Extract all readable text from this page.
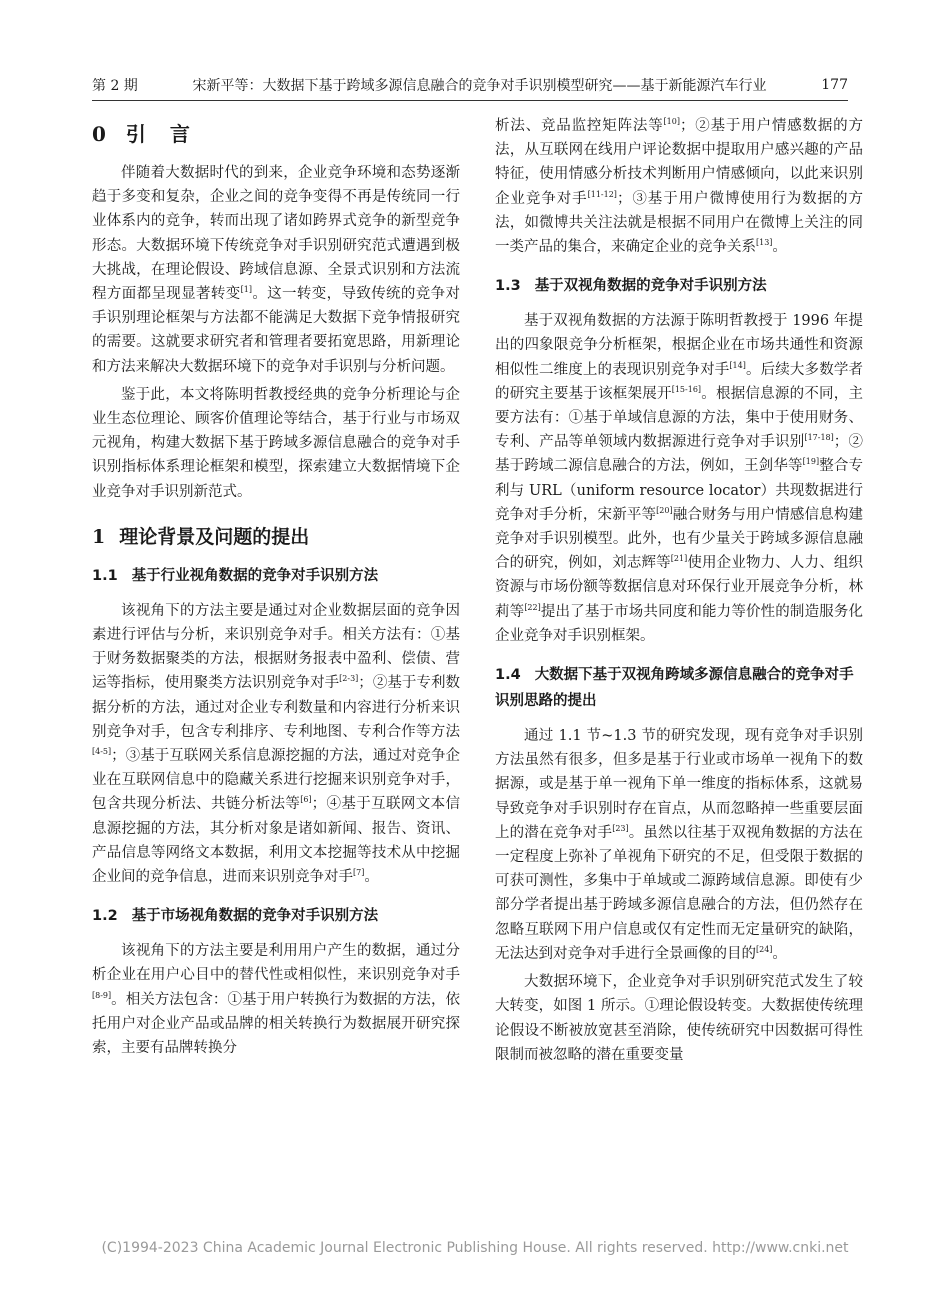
第 2 期	宋新平等：大数据下基于跨域多源信息融合的竞争对手识别模型研究——基于新能源汽车行业	177
0 引　言

伴随着大数据时代的到来，企业竞争环境和态势逐渐趋于多变和复杂，企业之间的竞争变得不再是传统同一行业体系内的竞争，转而出现了诸如跨界式竞争的新型竞争形态。大数据环境下传统竞争对手识别研究范式遭遇到极大挑战，在理论假设、跨域信息源、全景式识别和方法流程方面都呈现显著转变[1]。这一转变，导致传统的竞争对手识别理论框架与方法都不能满足大数据下竞争情报研究的需要。这就要求研究者和管理者要拓宽思路，用新理论和方法来解决大数据环境下的竞争对手识别与分析问题。

鉴于此，本文将陈明哲教授经典的竞争分析理论与企业生态位理论、顾客价值理论等结合，基于行业与市场双元视角，构建大数据下基于跨域多源信息融合的竞争对手识别指标体系理论框架和模型，探索建立大数据情境下企业竞争对手识别新范式。

1 理论背景及问题的提出
1.1 基于行业视角数据的竞争对手识别方法

该视角下的方法主要是通过对企业数据层面的竞争因素进行评估与分析，来识别竞争对手。相关方法有：①基于财务数据聚类的方法，根据财务报表中盈利、偿债、营运等指标，使用聚类方法识别竞争对手[2-3]；②基于专利数据分析的方法，通过对企业专利数量和内容进行分析来识别竞争对手，包含专利排序、专利地图、专利合作等方法[4-5]；③基于互联网关系信息源挖掘的方法，通过对竞争企业在互联网信息中的隐藏关系进行挖掘来识别竞争对手，包含共现分析法、共链分析法等[6]；④基于互联网文本信息源挖掘的方法，其分析对象是诸如新闻、报告、资讯、产品信息等网络文本数据，利用文本挖掘等技术从中挖掘企业间的竞争信息，进而来识别竞争对手[7]。

1.2 基于市场视角数据的竞争对手识别方法

该视角下的方法主要是利用用户产生的数据，通过分析企业在用户心目中的替代性或相似性，来识别竞争对手[8-9]。相关方法包含：①基于用户转换行为数据的方法，依托用户对企业产品或品牌的相关转换行为数据展开研究探索，主要有品牌转换分

析法、竞品监控矩阵法等[10]；②基于用户情感数据的方法，从互联网在线用户评论数据中提取用户感兴趣的产品特征，使用情感分析技术判断用户情感倾向，以此来识别企业竞争对手[11-12]；③基于用户微博使用行为数据的方法，如微博共关注法就是根据不同用户在微博上关注的同一类产品的集合，来确定企业的竞争关系[13]。

1.3 基于双视角数据的竞争对手识别方法

基于双视角数据的方法源于陈明哲教授于 1996 年提出的四象限竞争分析框架，根据企业在市场共通性和资源相似性二维度上的表现识别竞争对手[14]。后续大多数学者的研究主要基于该框架展开[15-16]。根据信息源的不同，主要方法有：①基于单域信息源的方法，集中于使用财务、专利、产品等单领域内数据源进行竞争对手识别[17-18]；②基于跨域二源信息融合的方法，例如，王剑华等[19]整合专利与 URL（uniform resource locator）共现数据进行竞争对手分析，宋新平等[20]融合财务与用户情感信息构建竞争对手识别模型。此外，也有少量关于跨域多源信息融合的研究，例如，刘志辉等[21]使用企业物力、人力、组织资源与市场份额等数据信息对环保行业开展竞争分析，林莉等[22]提出了基于市场共同度和能力等价性的制造服务化企业竞争对手识别框架。

1.4 大数据下基于双视角跨域多源信息融合的竞争对手识别思路的提出

通过 1.1 节~1.3 节的研究发现，现有竞争对手识别方法虽然有很多，但多是基于行业或市场单一视角下的数据源，或是基于单一视角下单一维度的指标体系，这就易导致竞争对手识别时存在盲点，从而忽略掉一些重要层面上的潜在竞争对手[23]。虽然以往基于双视角数据的方法在一定程度上弥补了单视角下研究的不足，但受限于数据的可获可测性，多集中于单域或二源跨域信息源。即使有少部分学者提出基于跨域多源信息融合的方法，但仍然存在忽略互联网下用户信息或仅有定性而无定量研究的缺陷，无法达到对竞争对手进行全景画像的目的[24]。

大数据环境下，企业竞争对手识别研究范式发生了较大转变，如图 1 所示。①理论假设转变。大数据使传统理论假设不断被放宽甚至消除，使传统研究中因数据可得性限制而被忽略的潜在重要变量

(C)1994-2023 China Academic Journal Electronic Publishing House. All rights reserved. http://www.cnki.net
